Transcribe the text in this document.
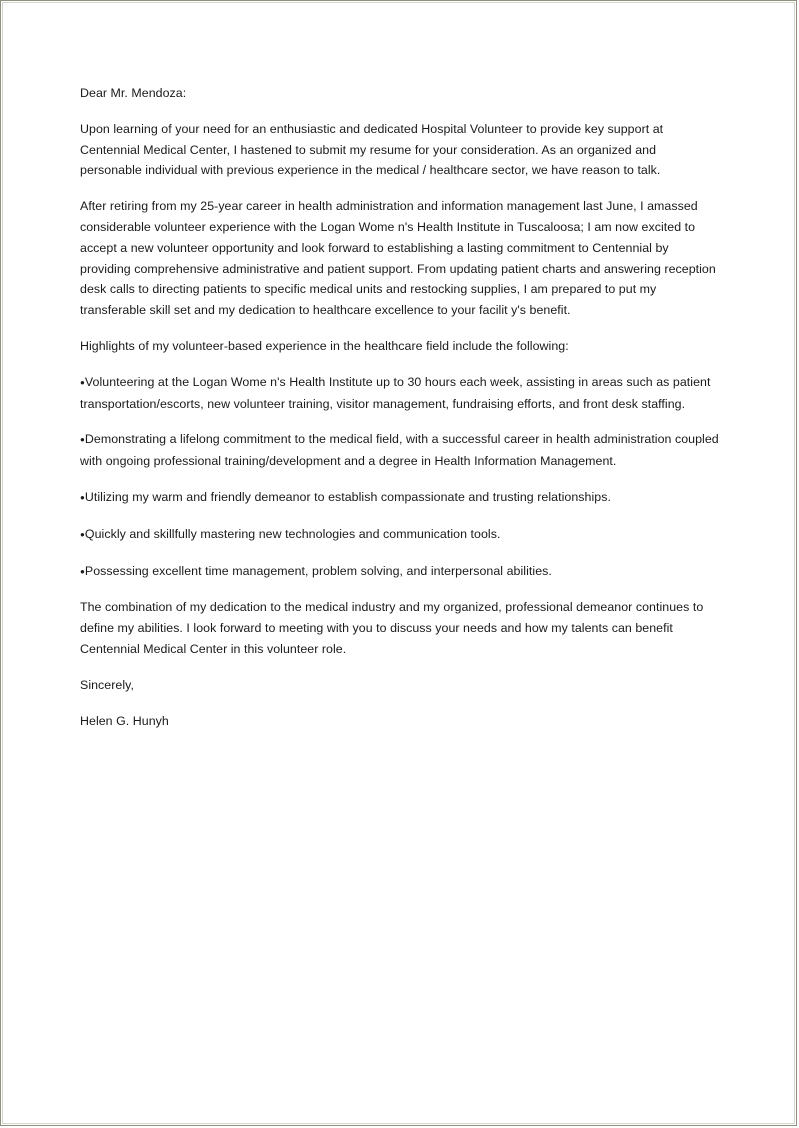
Dear Mr. Mendoza:

Upon learning of your need for an enthusiastic and dedicated Hospital Volunteer to provide key support at Centennial Medical Center, I hastened to submit my resume for your consideration. As an organized and personable individual with previous experience in the medical / healthcare sector, we have reason to talk.

After retiring from my 25-year career in health administration and information management last June, I amassed considerable volunteer experience with the Logan Wome n's Health Institute in Tuscaloosa; I am now excited to accept a new volunteer opportunity and look forward to establishing a lasting commitment to Centennial by providing comprehensive administrative and patient support. From updating patient charts and answering reception desk calls to directing patients to specific medical units and restocking supplies, I am prepared to put my transferable skill set and my dedication to healthcare excellence to your facilit y's benefit.

Highlights of my volunteer-based experience in the healthcare field include the following:

●Volunteering at the Logan Wome n's Health Institute up to 30 hours each week, assisting in areas such as patient transportation/escorts, new volunteer training, visitor management, fundraising efforts, and front desk staffing.
●Demonstrating a lifelong commitment to the medical field, with a successful career in health administration coupled with ongoing professional training/development and a degree in Health Information Management.
●Utilizing my warm and friendly demeanor to establish compassionate and trusting relationships.
●Quickly and skillfully mastering new technologies and communication tools.
●Possessing excellent time management, problem solving, and interpersonal abilities.

The combination of my dedication to the medical industry and my organized, professional demeanor continues to define my abilities. I look forward to meeting with you to discuss your needs and how my talents can benefit Centennial Medical Center in this volunteer role.

Sincerely,

Helen G. Hunyh
